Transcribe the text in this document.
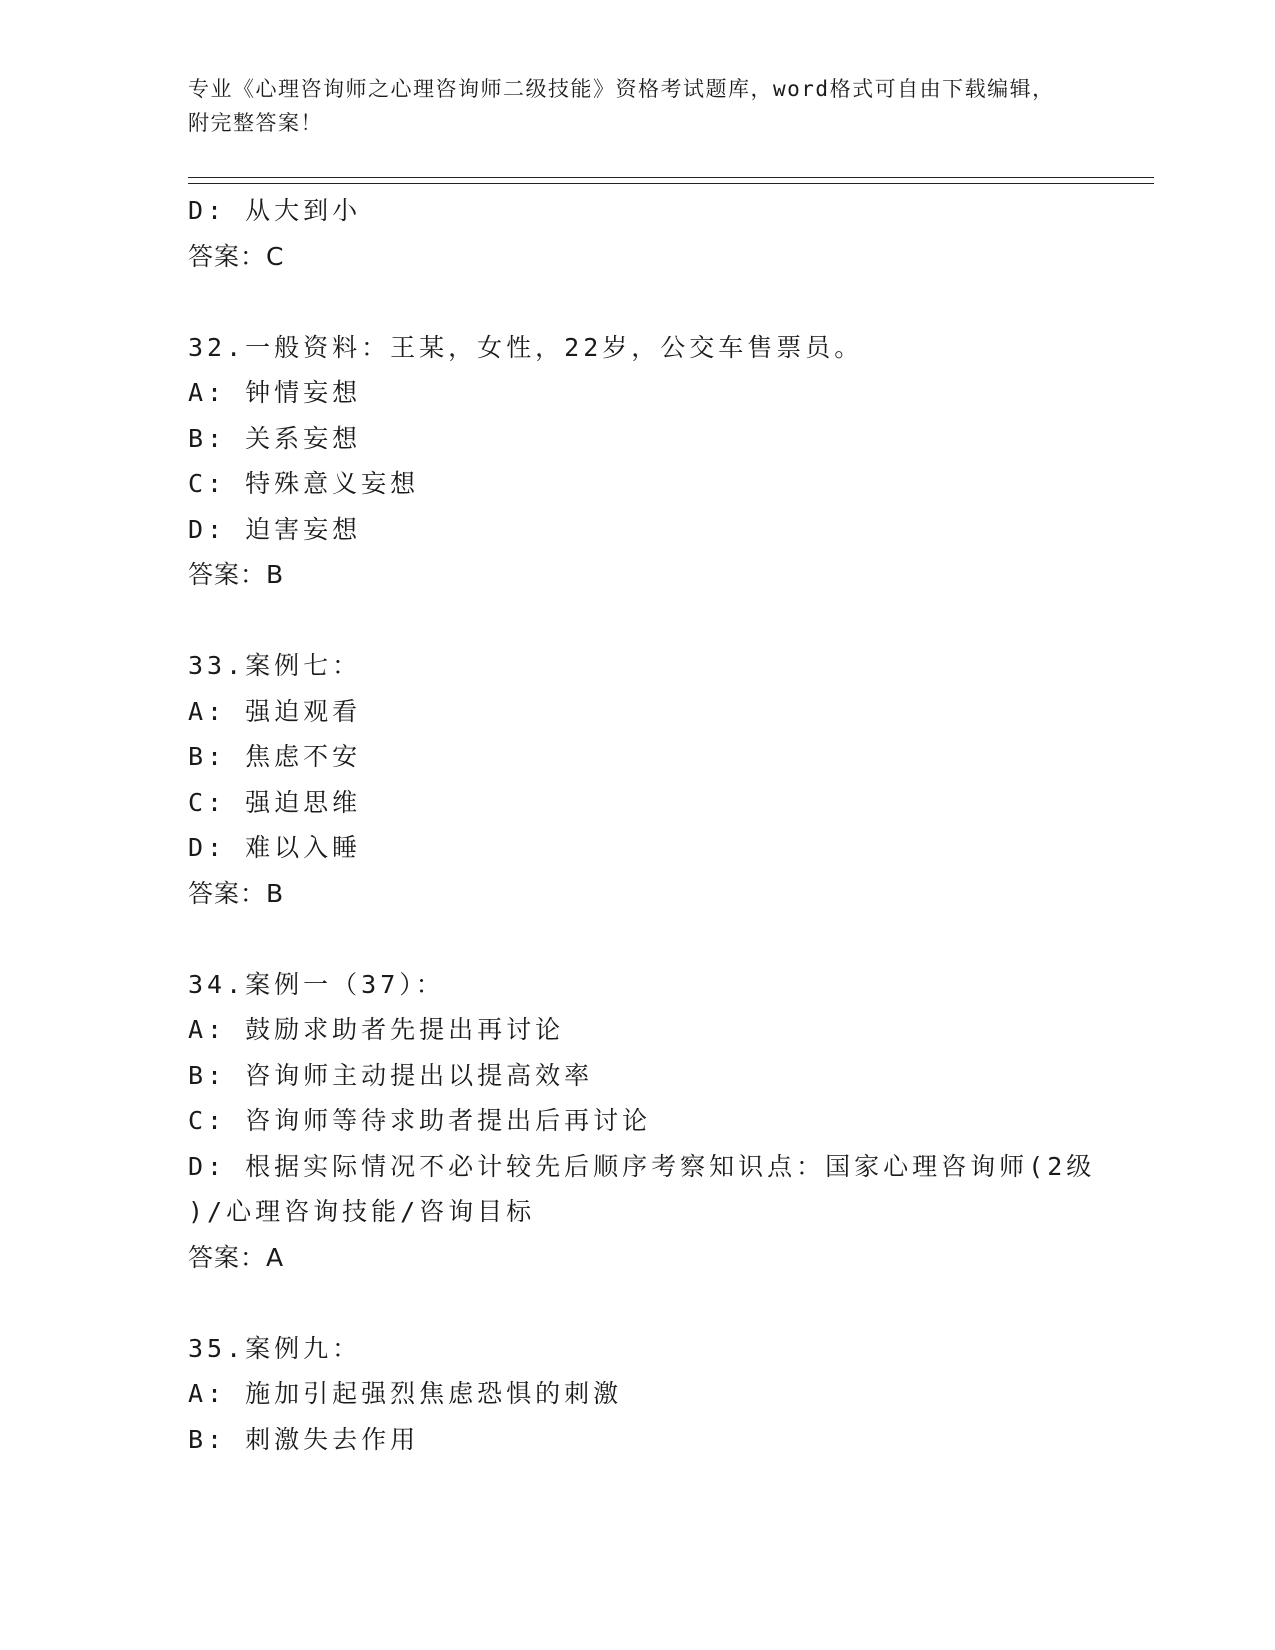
专业《心理咨询师之心理咨询师二级技能》资格考试题库，word格式可自由下载编辑，附完整答案！
D: 从大到小
答案：C
32.一般资料：王某，女性，22岁，公交车售票员。
A: 钟情妄想
B: 关系妄想
C: 特殊意义妄想
D: 迫害妄想
答案：B
33.案例七：
A: 强迫观看
B: 焦虑不安
C: 强迫思维
D: 难以入睡
答案：B
34.案例一（37）：
A: 鼓励求助者先提出再讨论
B: 咨询师主动提出以提高效率
C: 咨询师等待求助者提出后再讨论
D: 根据实际情况不必计较先后顺序考察知识点：国家心理咨询师(2级
)/心理咨询技能/咨询目标
答案：A
35.案例九：
A: 施加引起强烈焦虑恐惧的刺激
B: 刺激失去作用
